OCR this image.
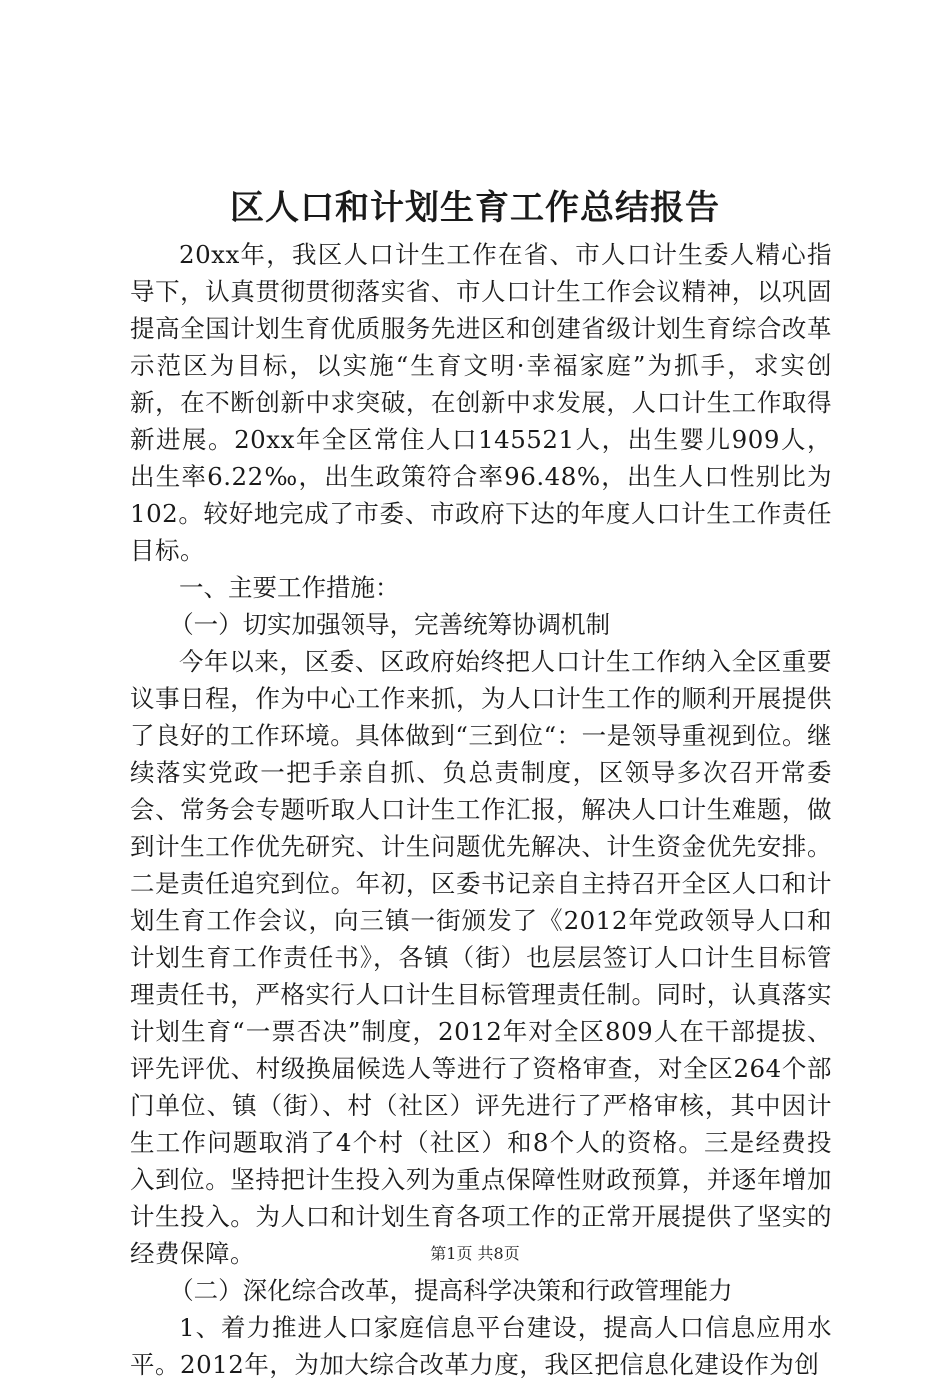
区人口和计划生育工作总结报告

20xx年，我区人口计生工作在省、市人口计生委人精心指导下，认真贯彻贯彻落实省、市人口计生工作会议精神，以巩固提高全国计划生育优质服务先进区和创建省级计划生育综合改革示范区为目标，以实施“生育文明·幸福家庭”为抓手，求实创新，在不断创新中求突破，在创新中求发展，人口计生工作取得新进展。20xx年全区常住人口145521人，出生婴儿909人，出生率6.22‰，出生政策符合率96.48%，出生人口性别比为102。较好地完成了市委、市政府下达的年度人口计生工作责任目标。

一、主要工作措施：

（一）切实加强领导，完善统筹协调机制

今年以来，区委、区政府始终把人口计生工作纳入全区重要议事日程，作为中心工作来抓，为人口计生工作的顺利开展提供了良好的工作环境。具体做到“三到位“：一是领导重视到位。继续落实党政一把手亲自抓、负总责制度，区领导多次召开常委会、常务会专题听取人口计生工作汇报，解决人口计生难题，做到计生工作优先研究、计生问题优先解决、计生资金优先安排。二是责任追究到位。年初，区委书记亲自主持召开全区人口和计划生育工作会议，向三镇一街颁发了《2012年党政领导人口和计划生育工作责任书》，各镇（街）也层层签订人口计生目标管理责任书，严格实行人口计生目标管理责任制。同时，认真落实计划生育“一票否决”制度，2012年对全区809人在干部提拔、评先评优、村级换届候选人等进行了资格审查，对全区264个部门单位、镇（街）、村（社区）评先进行了严格审核，其中因计生工作问题取消了4个村（社区）和8个人的资格。三是经费投入到位。坚持把计生投入列为重点保障性财政预算，并逐年增加计生投入。为人口和计划生育各项工作的正常开展提供了坚实的经费保障。

（二）深化综合改革，提高科学决策和行政管理能力

1、着力推进人口家庭信息平台建设，提高人口信息应用水平。2012年，为加大综合改革力度，我区把信息化建设作为创

第1页 共8页
